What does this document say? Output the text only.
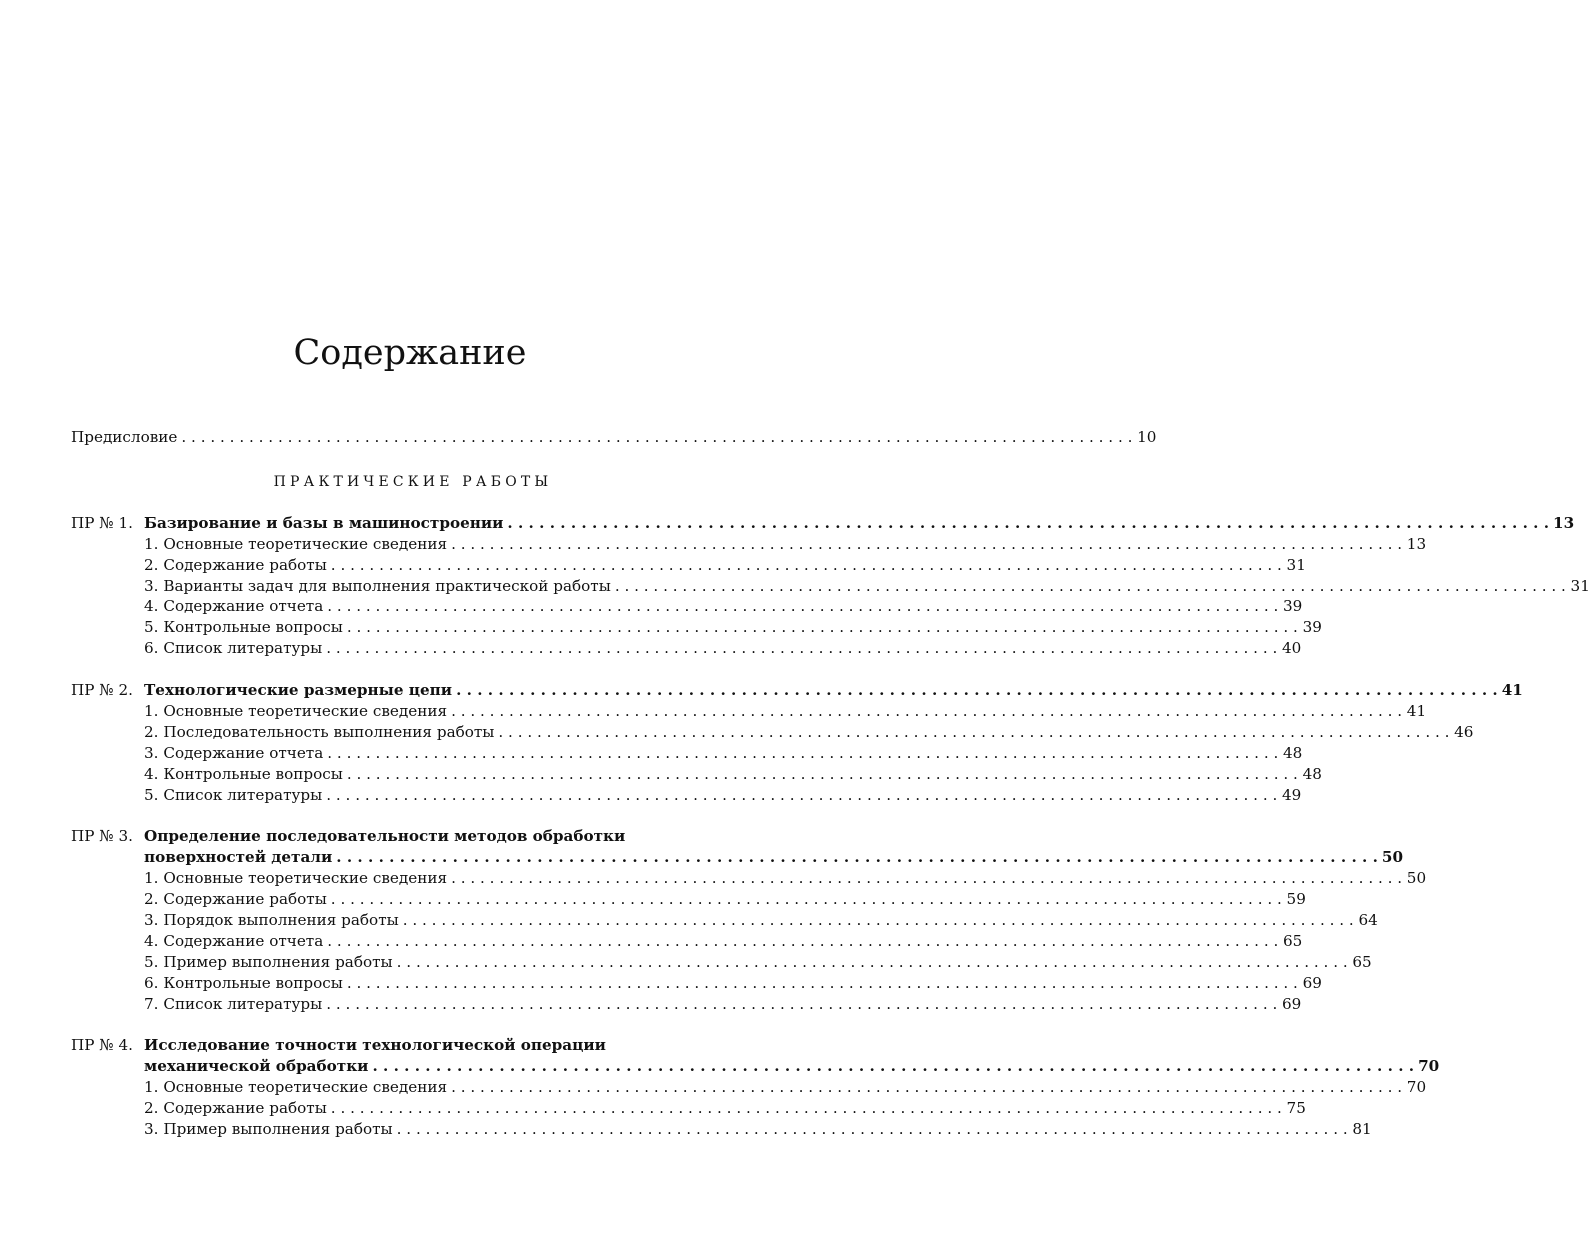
Содержание
Предисловие . . .	10
ПРАКТИЧЕСКИЕ РАБОТЫ
ПР № 1. Базирование и базы в машиностроении . . .	13
1. Основные теоретические сведения . . .	13
2. Содержание работы . . .	31
3. Варианты задач для выполнения практической работы . . .	31
4. Содержание отчета . . .	39
5. Контрольные вопросы . . .	39
6. Список литературы . . .	40
ПР № 2. Технологические размерные цепи . . .	41
1. Основные теоретические сведения . . .	41
2. Последовательность выполнения работы . . .	46
3. Содержание отчета . . .	48
4. Контрольные вопросы . . .	48
5. Список литературы . . .	49
ПР № 3. Определение последовательности методов обработки
поверхностей детали . . .	50
1. Основные теоретические сведения . . .	50
2. Содержание работы . . .	59
3. Порядок выполнения работы . . .	64
4. Содержание отчета . . .	65
5. Пример выполнения работы . . .	65
6. Контрольные вопросы . . .	69
7. Список литературы . . .	69
ПР № 4. Исследование точности технологической операции
механической обработки . . .	70
1. Основные теоретические сведения . . .	70
2. Содержание работы . . .	75
3. Пример выполнения работы . . .	81
